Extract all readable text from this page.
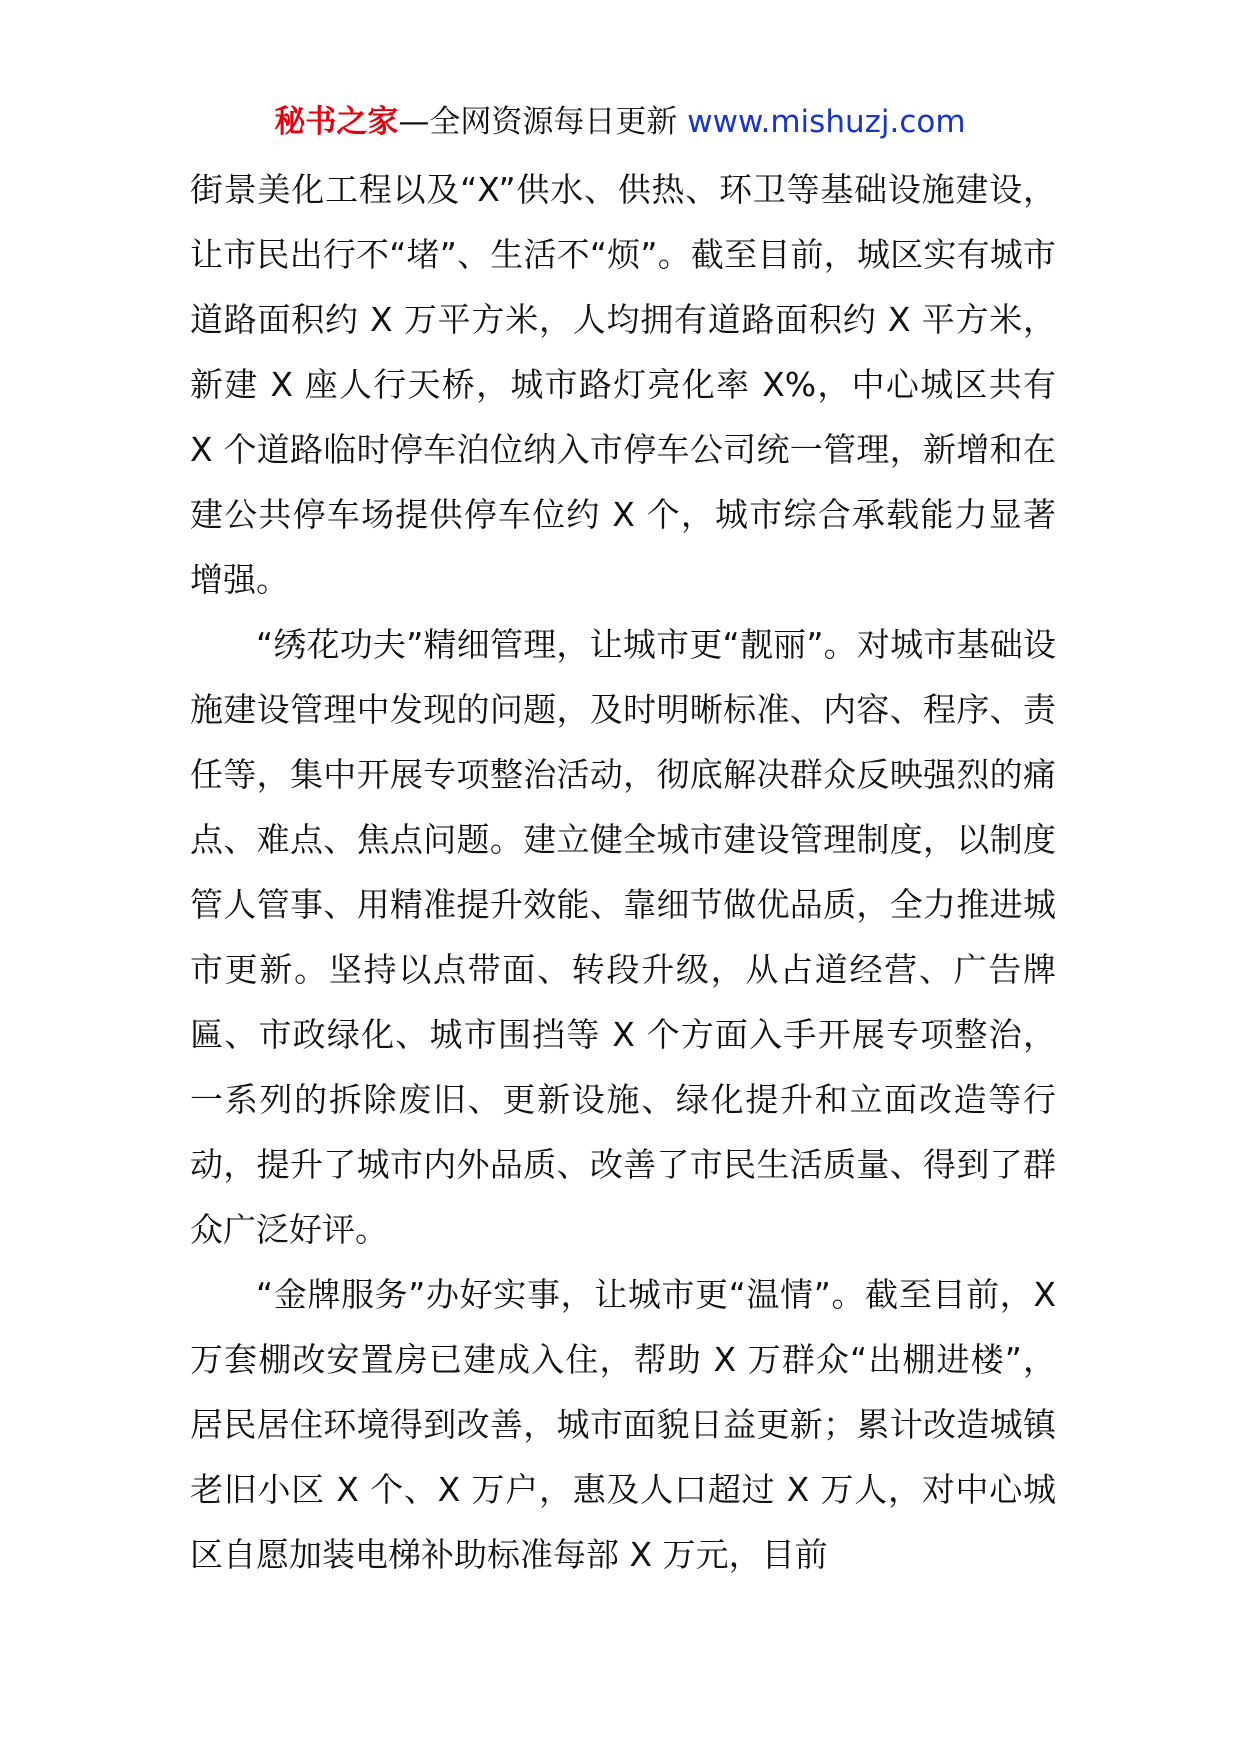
秘书之家—全网资源每日更新 www.mishuzj.com

街景美化工程以及“X”供水、供热、环卫等基础设施建设，让市民出行不“堵”、生活不“烦”。截至目前，城区实有城市道路面积约 X 万平方米，人均拥有道路面积约 X 平方米，新建 X 座人行天桥，城市路灯亮化率 X%，中心城区共有 X 个道路临时停车泊位纳入市停车公司统一管理，新增和在建公共停车场提供停车位约 X 个，城市综合承载能力显著增强。

“绣花功夫”精细管理，让城市更“靓丽”。对城市基础设施建设管理中发现的问题，及时明晰标准、内容、程序、责任等，集中开展专项整治活动，彻底解决群众反映强烈的痛点、难点、焦点问题。建立健全城市建设管理制度，以制度管人管事、用精准提升效能、靠细节做优品质，全力推进城市更新。坚持以点带面、转段升级，从占道经营、广告牌匾、市政绿化、城市围挡等 X 个方面入手开展专项整治，一系列的拆除废旧、更新设施、绿化提升和立面改造等行动，提升了城市内外品质、改善了市民生活质量、得到了群众广泛好评。

“金牌服务”办好实事，让城市更“温情”。截至目前，X 万套棚改安置房已建成入住，帮助 X 万群众“出棚进楼”，居民居住环境得到改善，城市面貌日益更新；累计改造城镇老旧小区 X 个、X 万户，惠及人口超过 X 万人，对中心城区自愿加装电梯补助标准每部 X 万元，目前
